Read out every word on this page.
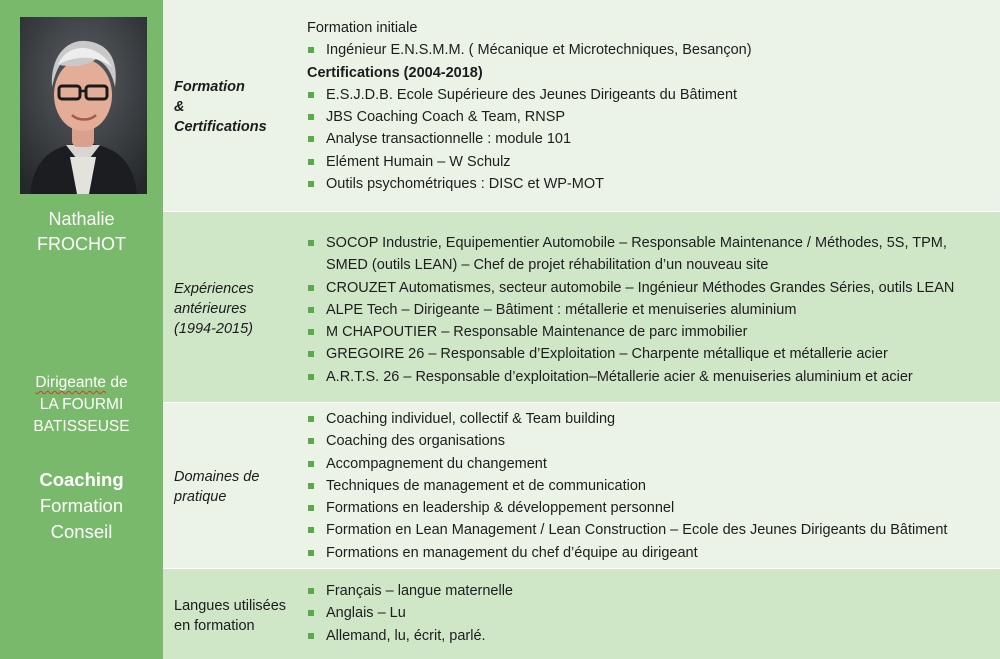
Nathalie
FROCHOT
Dirigeante de
LA FOURMI
BATISSEUSE
Coaching
Formation
Conseil
Formation
&
Certifications
Formation initiale
Ingénieur E.N.S.M.M. ( Mécanique et Microtechniques, Besançon)
Certifications (2004-2018)
E.S.J.D.B. Ecole Supérieure des Jeunes Dirigeants du Bâtiment
JBS Coaching Coach & Team, RNSP
Analyse transactionnelle : module 101
Elément Humain – W Schulz
Outils psychométriques : DISC et WP-MOT
Expériences
antérieures
(1994-2015)
SOCOP Industrie, Equipementier Automobile – Responsable Maintenance / Méthodes, 5S, TPM, SMED (outils LEAN) – Chef de projet réhabilitation d’un nouveau site
CROUZET Automatismes, secteur automobile – Ingénieur Méthodes Grandes Séries, outils LEAN
ALPE Tech – Dirigeante – Bâtiment : métallerie et menuiseries aluminium
M CHAPOUTIER – Responsable Maintenance de parc immobilier
GREGOIRE 26 – Responsable d’Exploitation – Charpente métallique et métallerie acier
A.R.T.S. 26 – Responsable d’exploitation–Métallerie acier & menuiseries aluminium et acier
Domaines de
pratique
Coaching individuel, collectif & Team building
Coaching des organisations
Accompagnement du changement
Techniques de management et de communication
Formations en leadership & développement personnel
Formation en Lean Management / Lean Construction – Ecole des Jeunes Dirigeants du Bâtiment
Formations en management du chef d’équipe au dirigeant
Langues utilisées
en formation
Français – langue maternelle
Anglais – Lu
Allemand, lu, écrit, parlé.
